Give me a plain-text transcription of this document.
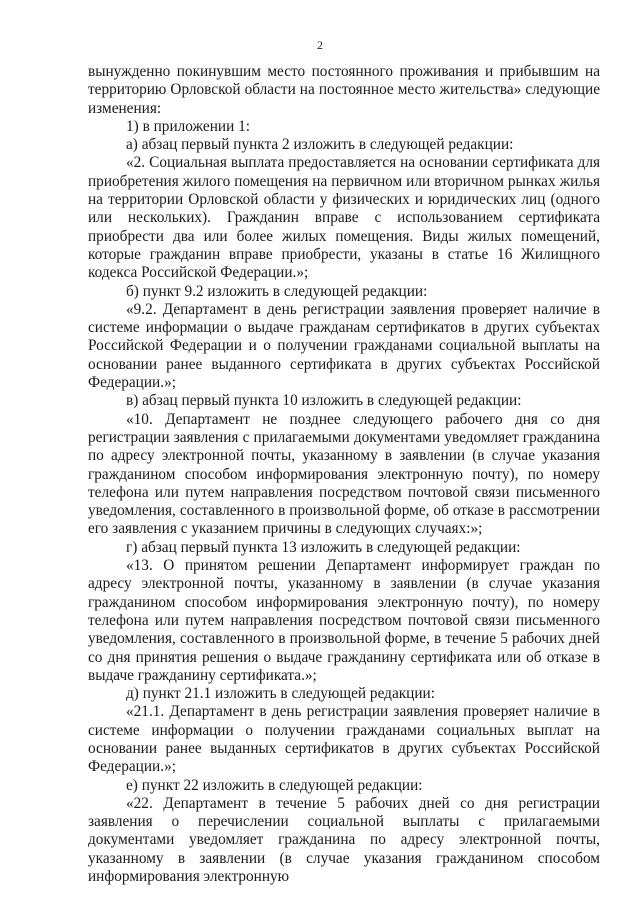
2

вынужденно покинувшим место постоянного проживания и прибывшим на территорию Орловской области на постоянное место жительства» следующие изменения:

1) в приложении 1:

а) абзац первый пункта 2 изложить в следующей редакции:

«2. Социальная выплата предоставляется на основании сертификата для приобретения жилого помещения на первичном или вторичном рынках жилья на территории Орловской области у физических и юридических лиц (одного или нескольких). Гражданин вправе с использованием сертификата приобрести два или более жилых помещения. Виды жилых помещений, которые гражданин вправе приобрести, указаны в статье 16 Жилищного кодекса Российской Федерации.»;

б) пункт 9.2 изложить в следующей редакции:

«9.2. Департамент в день регистрации заявления проверяет наличие в системе информации о выдаче гражданам сертификатов в других субъектах Российской Федерации и о получении гражданами социальной выплаты на основании ранее выданного сертификата в других субъектах Российской Федерации.»;

в) абзац первый пункта 10 изложить в следующей редакции:

«10. Департамент не позднее следующего рабочего дня со дня регистрации заявления с прилагаемыми документами уведомляет гражданина по адресу электронной почты, указанному в заявлении (в случае указания гражданином способом информирования электронную почту), по номеру телефона или путем направления посредством почтовой связи письменного уведомления, составленного в произвольной форме, об отказе в рассмотрении его заявления с указанием причины в следующих случаях:»;

г) абзац первый пункта 13 изложить в следующей редакции:

«13. О принятом решении Департамент информирует граждан по адресу электронной почты, указанному в заявлении (в случае указания гражданином способом информирования электронную почту), по номеру телефона или путем направления посредством почтовой связи письменного уведомления, составленного в произвольной форме, в течение 5 рабочих дней со дня принятия решения о выдаче гражданину сертификата или об отказе в выдаче гражданину сертификата.»;

д) пункт 21.1 изложить в следующей редакции:

«21.1. Департамент в день регистрации заявления проверяет наличие в системе информации о получении гражданами социальных выплат на основании ранее выданных сертификатов в других субъектах Российской Федерации.»;

е) пункт 22 изложить в следующей редакции:

«22. Департамент в течение 5 рабочих дней со дня регистрации заявления о перечислении социальной выплаты с прилагаемыми документами уведомляет гражданина по адресу электронной почты, указанному в заявлении (в случае указания гражданином способом информирования электронную
